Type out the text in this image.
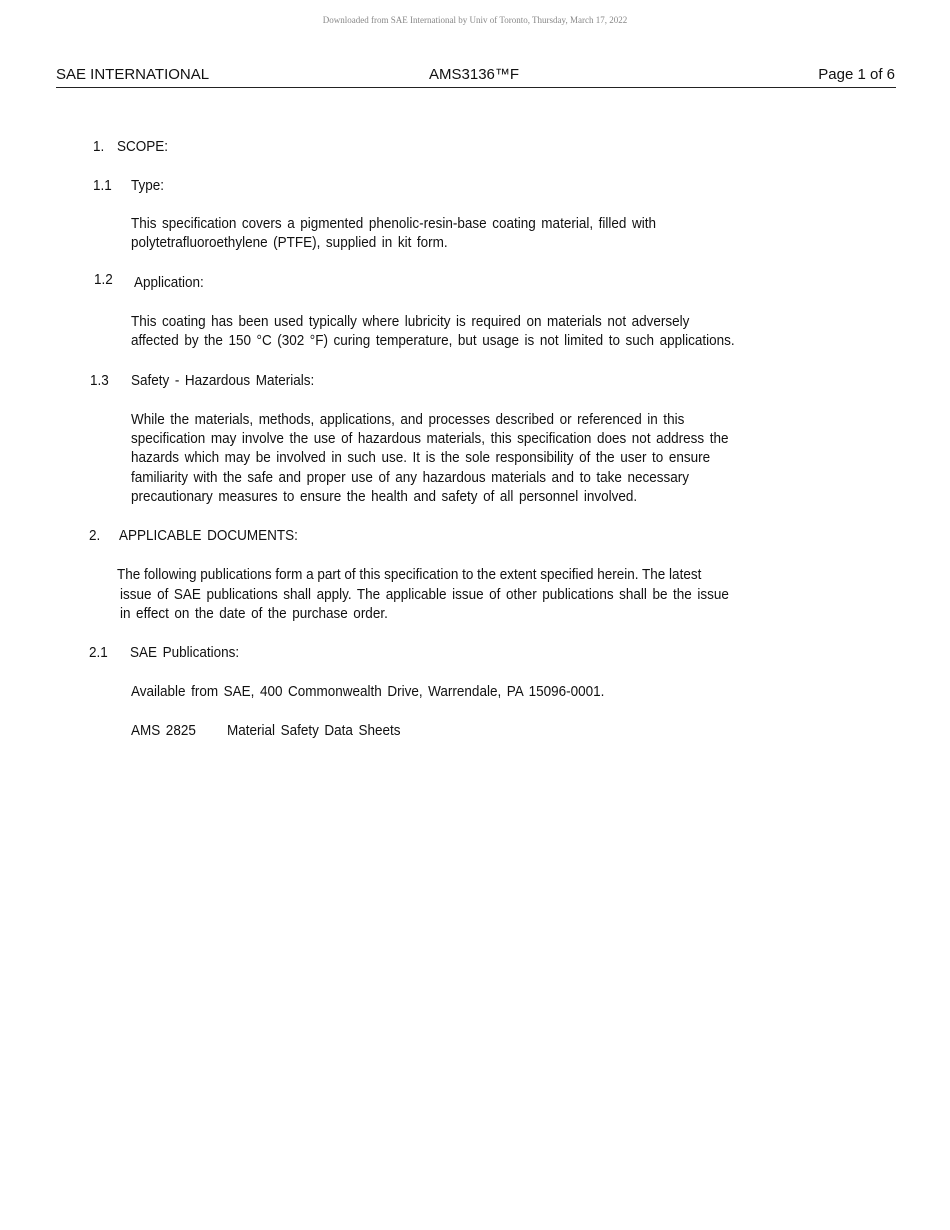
Downloaded from SAE International by Univ of Toronto, Thursday, March 17, 2022
SAE INTERNATIONAL	AMS3136™F	Page 1 of 6
1. SCOPE:
1.1 Type:
This specification covers a pigmented phenolic-resin-base coating material, filled with
polytetrafluoroethylene (PTFE), supplied in kit form.
1.2 Application:
This coating has been used typically where lubricity is required on materials not adversely
affected by the 150 °C (302 °F) curing temperature, but usage is not limited to such applications.
1.3 Safety - Hazardous Materials:
While the materials, methods, applications, and processes described or referenced in this
specification may involve the use of hazardous materials, this specification does not address the
hazards which may be involved in such use. It is the sole responsibility of the user to ensure
familiarity with the safe and proper use of any hazardous materials and to take necessary
precautionary measures to ensure the health and safety of all personnel involved.
2. APPLICABLE DOCUMENTS:
The following publications form a part of this specification to the extent specified herein. The latest
issue of SAE publications shall apply. The applicable issue of other publications shall be the issue
in effect on the date of the purchase order.
2.1 SAE Publications:
Available from SAE, 400 Commonwealth Drive, Warrendale, PA 15096-0001.
AMS 2825 Material Safety Data Sheets
